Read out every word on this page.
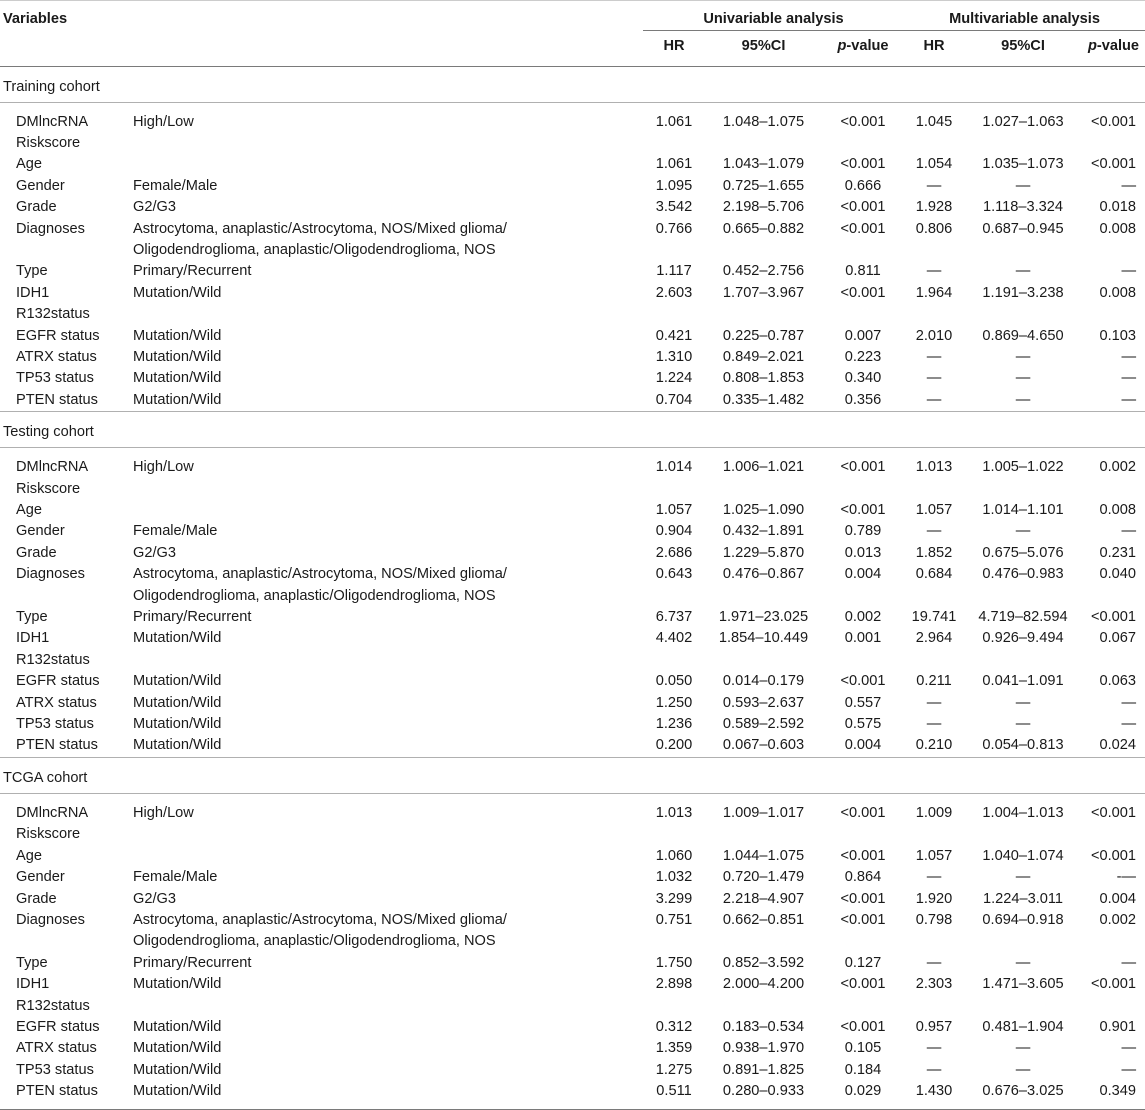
Variables		Univariable analysis			Multivariable analysis		
		HR	95%CI	p-value	HR	95%CI	p-value
Training cohort							

DMlncRNA
Riskscore	High/Low	1.061	1.048–1.075	<0.001	1.045	1.027–1.063	<0.001

Age		1.061	1.043–1.079	<0.001	1.054	1.035–1.073	<0.001

Gender	Female/Male	1.095	0.725–1.655	0.666	—	—	—

Grade	G2/G3	3.542	2.198–5.706	<0.001	1.928	1.118–3.324	0.018

Diagnoses	Astrocytoma, anaplastic/Astrocytoma, NOS/Mixed glioma/
Oligodendroglioma, anaplastic/Oligodendroglioma, NOS	0.766	0.665–0.882	<0.001	0.806	0.687–0.945	0.008

Type	Primary/Recurrent	1.117	0.452–2.756	0.811	—	—	—

IDH1
R132status	Mutation/Wild	2.603	1.707–3.967	<0.001	1.964	1.191–3.238	0.008

EGFR status	Mutation/Wild	0.421	0.225–0.787	0.007	2.010	0.869–4.650	0.103

ATRX status	Mutation/Wild	1.310	0.849–2.021	0.223	—	—	—

TP53 status	Mutation/Wild	1.224	0.808–1.853	0.340	—	—	—

PTEN status	Mutation/Wild	0.704	0.335–1.482	0.356	—	—	—
Testing cohort							

DMlncRNA
Riskscore	High/Low	1.014	1.006–1.021	<0.001	1.013	1.005–1.022	0.002

Age		1.057	1.025–1.090	<0.001	1.057	1.014–1.101	0.008

Gender	Female/Male	0.904	0.432–1.891	0.789	—	—	—

Grade	G2/G3	2.686	1.229–5.870	0.013	1.852	0.675–5.076	0.231

Diagnoses	Astrocytoma, anaplastic/Astrocytoma, NOS/Mixed glioma/
Oligodendroglioma, anaplastic/Oligodendroglioma, NOS	0.643	0.476–0.867	0.004	0.684	0.476–0.983	0.040

Type	Primary/Recurrent	6.737	1.971–23.025	0.002	19.741	4.719–82.594	<0.001

IDH1
R132status	Mutation/Wild	4.402	1.854–10.449	0.001	2.964	0.926–9.494	0.067

EGFR status	Mutation/Wild	0.050	0.014–0.179	<0.001	0.211	0.041–1.091	0.063

ATRX status	Mutation/Wild	1.250	0.593–2.637	0.557	—	—	—

TP53 status	Mutation/Wild	1.236	0.589–2.592	0.575	—	—	—

PTEN status	Mutation/Wild	0.200	0.067–0.603	0.004	0.210	0.054–0.813	0.024
TCGA cohort							

DMlncRNA
Riskscore	High/Low	1.013	1.009–1.017	<0.001	1.009	1.004–1.013	<0.001

Age		1.060	1.044–1.075	<0.001	1.057	1.040–1.074	<0.001

Gender	Female/Male	1.032	0.720–1.479	0.864	—	—	-—

Grade	G2/G3	3.299	2.218–4.907	<0.001	1.920	1.224–3.011	0.004

Diagnoses	Astrocytoma, anaplastic/Astrocytoma, NOS/Mixed glioma/
Oligodendroglioma, anaplastic/Oligodendroglioma, NOS	0.751	0.662–0.851	<0.001	0.798	0.694–0.918	0.002

Type	Primary/Recurrent	1.750	0.852–3.592	0.127	—	—	—

IDH1
R132status	Mutation/Wild	2.898	2.000–4.200	<0.001	2.303	1.471–3.605	<0.001

EGFR status	Mutation/Wild	0.312	0.183–0.534	<0.001	0.957	0.481–1.904	0.901

ATRX status	Mutation/Wild	1.359	0.938–1.970	0.105	—	—	—

TP53 status	Mutation/Wild	1.275	0.891–1.825	0.184	—	—	—

PTEN status	Mutation/Wild	0.511	0.280–0.933	0.029	1.430	0.676–3.025	0.349
